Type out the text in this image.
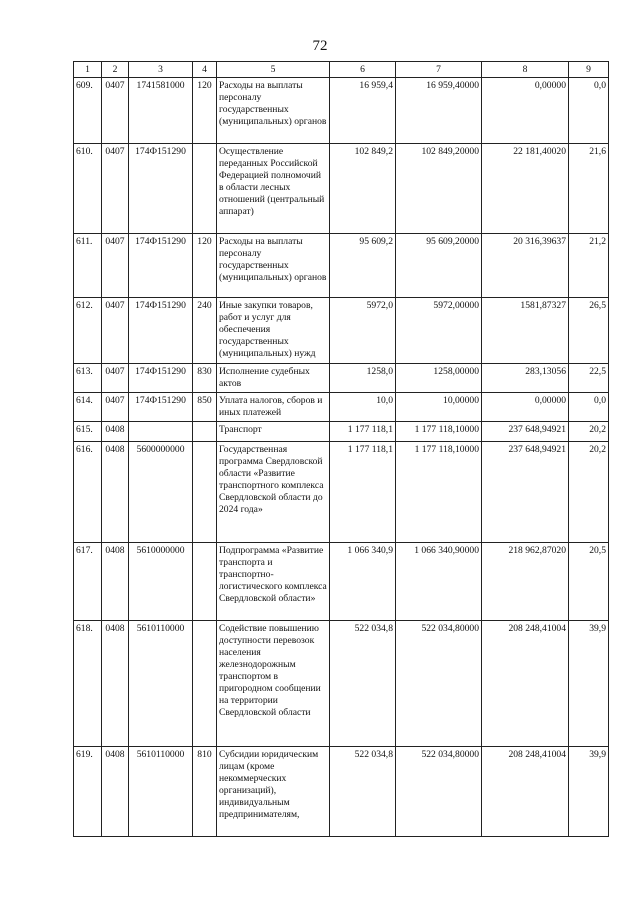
72
1	2	3	4	5	6	7	8	9
609.	0407	1741581000	120	Расходы на выплаты персоналу государственных (муниципальных) органов	16 959,4	16 959,40000	0,00000	0,0
610.	0407	174Ф151290		Осуществление переданных Российской Федерацией полномочий в области лесных отношений (центральный аппарат)	102 849,2	102 849,20000	22 181,40020	21,6
611.	0407	174Ф151290	120	Расходы на выплаты персоналу государственных (муниципальных) органов	95 609,2	95 609,20000	20 316,39637	21,2
612.	0407	174Ф151290	240	Иные закупки товаров, работ и услуг для обеспечения государственных (муниципальных) нужд	5972,0	5972,00000	1581,87327	26,5
613.	0407	174Ф151290	830	Исполнение судебных актов	1258,0	1258,00000	283,13056	22,5
614.	0407	174Ф151290	850	Уплата налогов, сборов и иных платежей	10,0	10,00000	0,00000	0,0
615.	0408			Транспорт	1 177 118,1	1 177 118,10000	237 648,94921	20,2
616.	0408	5600000000		Государственная программа Свердловской области «Развитие транспортного комплекса Свердловской области до 2024 года»	1 177 118,1	1 177 118,10000	237 648,94921	20,2
617.	0408	5610000000		Подпрограмма «Развитие транспорта и транспортно-логистического комплекса Свердловской области»	1 066 340,9	1 066 340,90000	218 962,87020	20,5
618.	0408	5610110000		Содействие повышению доступности перевозок населения железнодорожным транспортом в пригородном сообщении на территории Свердловской области	522 034,8	522 034,80000	208 248,41004	39,9
619.	0408	5610110000	810	Субсидии юридическим лицам (кроме некоммерческих организаций), индивидуальным предпринимателям,	522 034,8	522 034,80000	208 248,41004	39,9
